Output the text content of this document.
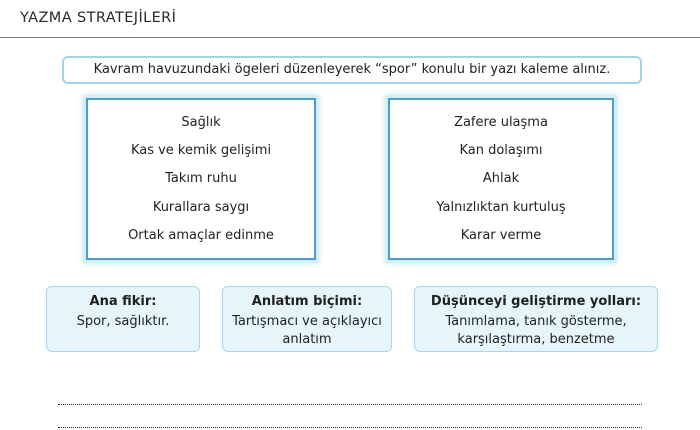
YAZMA STRATEJİLERİ
Kavram havuzundaki ögeleri düzenleyerek “spor” konulu bir yazı kaleme alınız.
Sağlık
Kas ve kemik gelişimi
Takım ruhu
Kurallara saygı
Ortak amaçlar edinme
Zafere ulaşma
Kan dolaşımı
Ahlak
Yalnızlıktan kurtuluş
Karar verme
Ana fikir:
Spor, sağlıktır.
Anlatım biçimi:
Tartışmacı ve açıklayıcı anlatım
Düşünceyi geliştirme yolları:
Tanımlama, tanık gösterme, karşılaştırma, benzetme
